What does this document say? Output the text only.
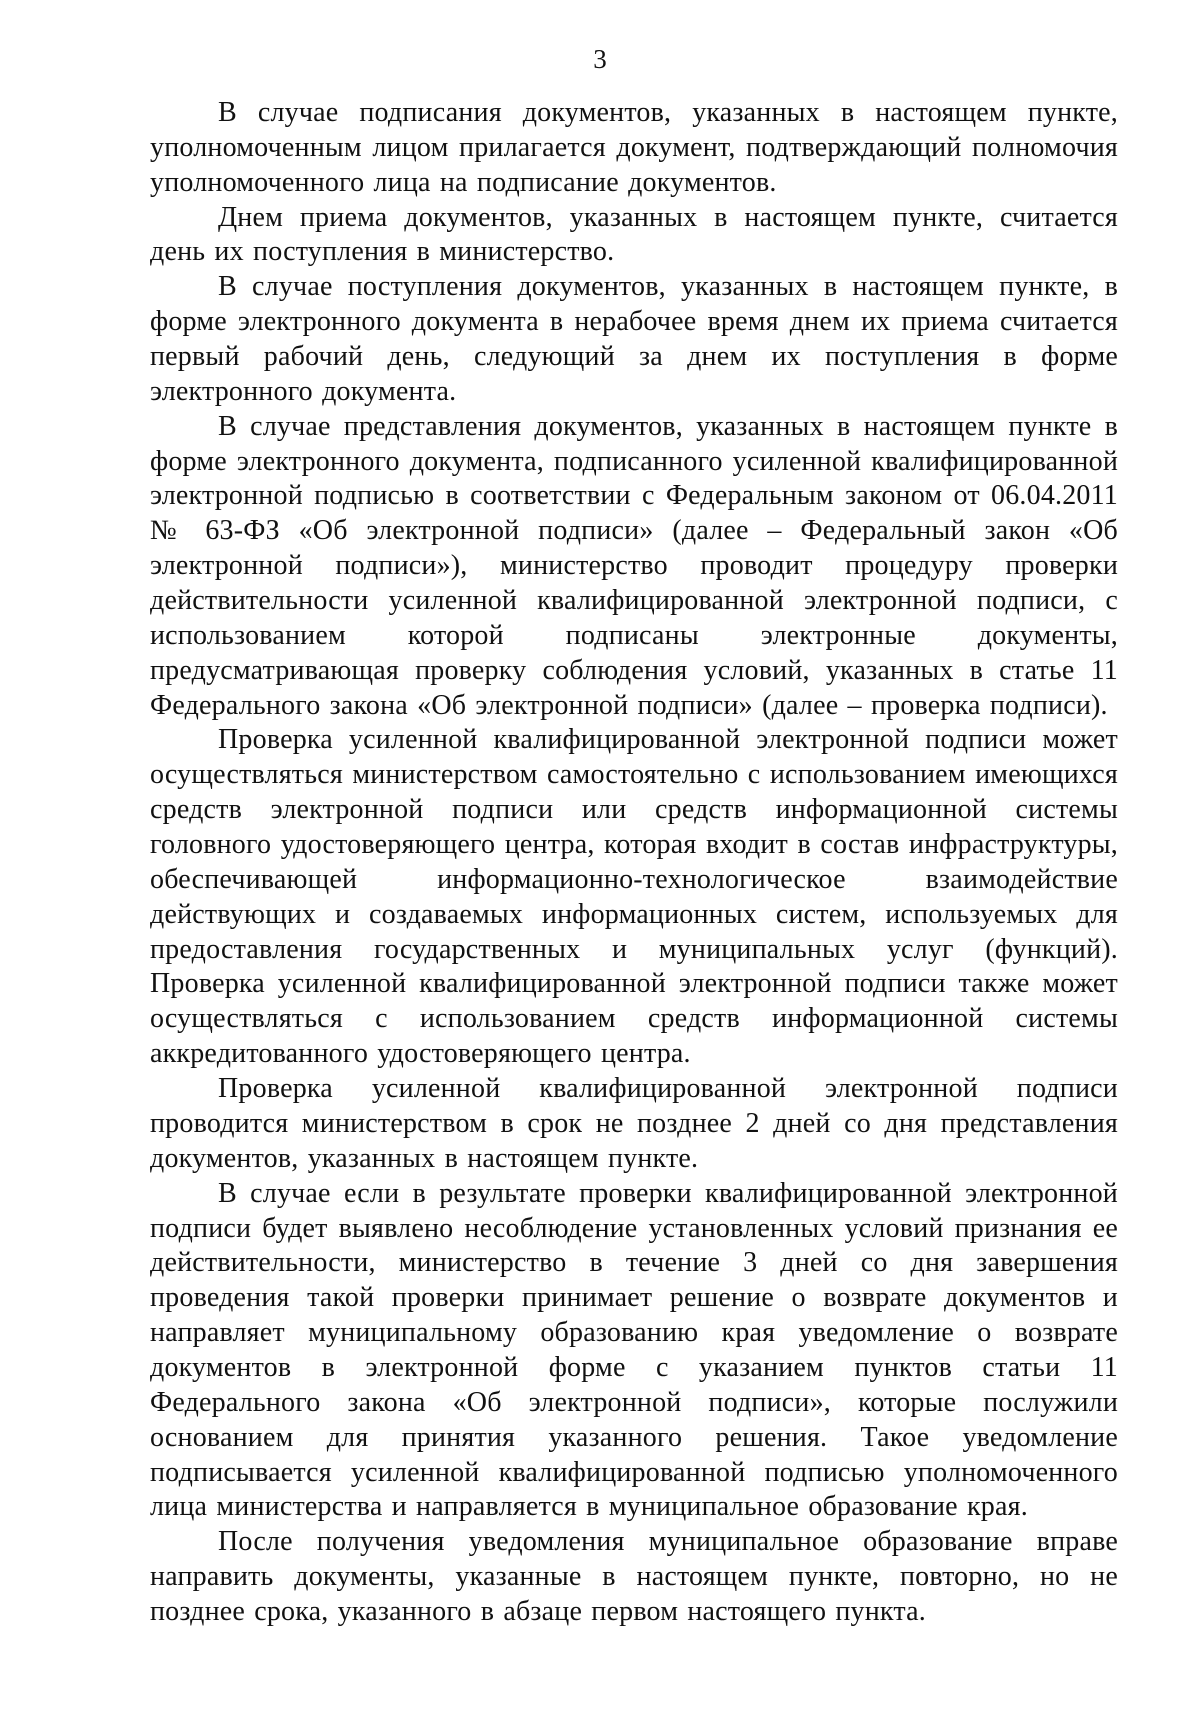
3

В случае подписания документов, указанных в настоящем пункте, уполномоченным лицом прилагается документ, подтверждающий полномочия уполномоченного лица на подписание документов.

Днем приема документов, указанных в настоящем пункте, считается день их поступления в министерство.

В случае поступления документов, указанных в настоящем пункте, в форме электронного документа в нерабочее время днем их приема считается первый рабочий день, следующий за днем их поступления в форме электронного документа.

В случае представления документов, указанных в настоящем пункте в форме электронного документа, подписанного усиленной квалифицированной электронной подписью в соответствии с Федеральным законом от 06.04.2011 № 63-ФЗ «Об электронной подписи» (далее – Федеральный закон «Об электронной подписи»), министерство проводит процедуру проверки действительности усиленной квалифицированной электронной подписи, с использованием которой подписаны электронные документы, предусматривающая проверку соблюдения условий, указанных в статье 11 Федерального закона «Об электронной подписи» (далее – проверка подписи).

Проверка усиленной квалифицированной электронной подписи может осуществляться министерством самостоятельно с использованием имеющихся средств электронной подписи или средств информационной системы головного удостоверяющего центра, которая входит в состав инфраструктуры, обеспечивающей информационно-технологическое взаимодействие действующих и создаваемых информационных систем, используемых для предоставления государственных и муниципальных услуг (функций). Проверка усиленной квалифицированной электронной подписи также может осуществляться с использованием средств информационной системы аккредитованного удостоверяющего центра.

Проверка усиленной квалифицированной электронной подписи проводится министерством в срок не позднее 2 дней со дня представления документов, указанных в настоящем пункте.

В случае если в результате проверки квалифицированной электронной подписи будет выявлено несоблюдение установленных условий признания ее действительности, министерство в течение 3 дней со дня завершения проведения такой проверки принимает решение о возврате документов и направляет муниципальному образованию края уведомление о возврате документов в электронной форме с указанием пунктов статьи 11 Федерального закона «Об электронной подписи», которые послужили основанием для принятия указанного решения. Такое уведомление подписывается усиленной квалифицированной подписью уполномоченного лица министерства и направляется в муниципальное образование края.

После получения уведомления муниципальное образование вправе направить документы, указанные в настоящем пункте, повторно, но не позднее срока, указанного в абзаце первом настоящего пункта.
